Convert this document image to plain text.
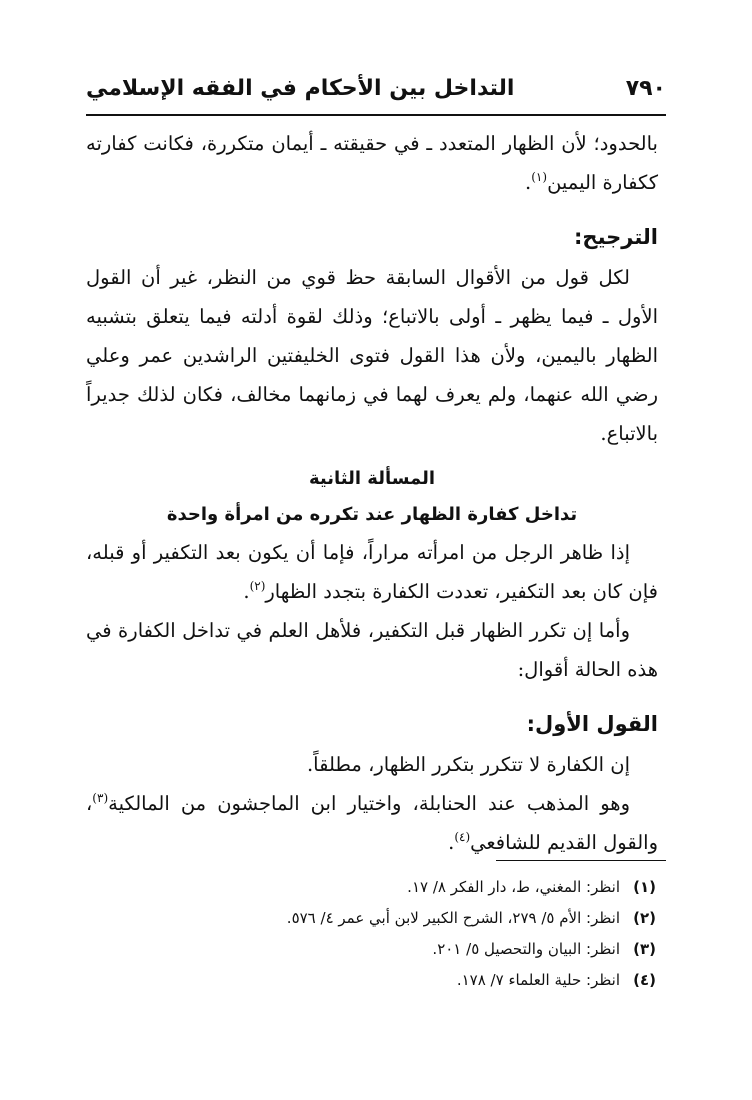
٧٩٠
التداخل بين الأحكام في الفقه الإسلامي

بالحدود؛ لأن الظهار المتعدد ـ في حقيقته ـ أيمان متكررة، فكانت كفارته ككفارة اليمين$^{(١)}$.

الترجيح:

لكل قول من الأقوال السابقة حظ قوي من النظر، غير أن القول الأول ـ فيما يظهر ـ أولى بالاتباع؛ وذلك لقوة أدلته فيما يتعلق بتشبيه الظهار باليمين، ولأن هذا القول فتوى الخليفتين الراشدين عمر وعلي رضي الله عنهما، ولم يعرف لهما في زمانهما مخالف، فكان لذلك جديراً بالاتباع.

المسألة الثانية

تداخل كفارة الظهار عند تكرره من امرأة واحدة

إذا ظاهر الرجل من امرأته مراراً، فإما أن يكون بعد التكفير أو قبله، فإن كان بعد التكفير، تعددت الكفارة بتجدد الظهار$^{(٢)}$.

وأما إن تكرر الظهار قبل التكفير، فلأهل العلم في تداخل الكفارة في هذه الحالة أقوال:

القول الأول:

إن الكفارة لا تتكرر بتكرر الظهار، مطلقاً.

وهو المذهب عند الحنابلة، واختيار ابن الماجشون من المالكية$^{(٣)}$، والقول القديم للشافعي$^{(٤)}$.

(١)
انظر: المغني، ط، دار الفكر ٨/ ١٧.
(٢)
انظر: الأم ٥/ ٢٧٩، الشرح الكبير لابن أبي عمر ٤/ ٥٧٦.
(٣)
انظر: البيان والتحصيل ٥/ ٢٠١.
(٤)
انظر: حلية العلماء ٧/ ١٧٨.
